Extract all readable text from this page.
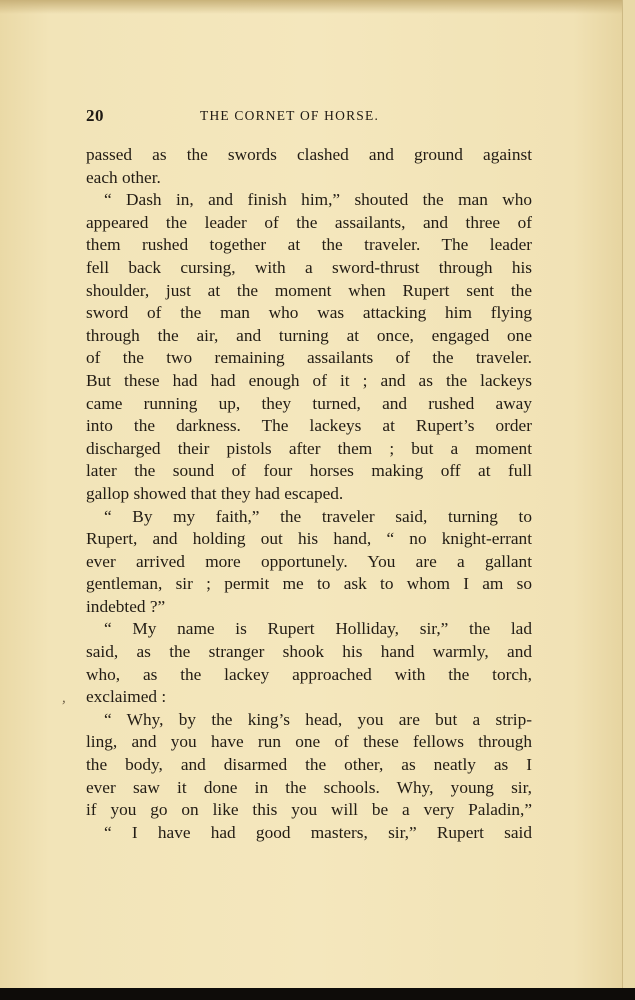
20	THE CORNET OF HORSE.
,
passed as the swords clashed and ground against
each other.
“ Dash in, and finish him,” shouted the man who
appeared the leader of the assailants, and three of
them rushed together at the traveler. The leader
fell back cursing, with a sword-thrust through his
shoulder, just at the moment when Rupert sent the
sword of the man who was attacking him flying
through the air, and turning at once, engaged one
of the two remaining assailants of the traveler.
But these had had enough of it ; and as the lackeys
came running up, they turned, and rushed away
into the darkness. The lackeys at Rupert’s order
discharged their pistols after them ; but a moment
later the sound of four horses making off at full
gallop showed that they had escaped.
“ By my faith,” the traveler said, turning to
Rupert, and holding out his hand, “ no knight-errant
ever arrived more opportunely. You are a gallant
gentleman, sir ; permit me to ask to whom I am so
indebted ?”
“ My name is Rupert Holliday, sir,” the lad
said, as the stranger shook his hand warmly, and
who, as the lackey approached with the torch,
exclaimed :
“ Why, by the king’s head, you are but a strip-
ling, and you have run one of these fellows through
the body, and disarmed the other, as neatly as I
ever saw it done in the schools. Why, young sir,
if you go on like this you will be a very Paladin,”
“ I have had good masters, sir,” Rupert said
